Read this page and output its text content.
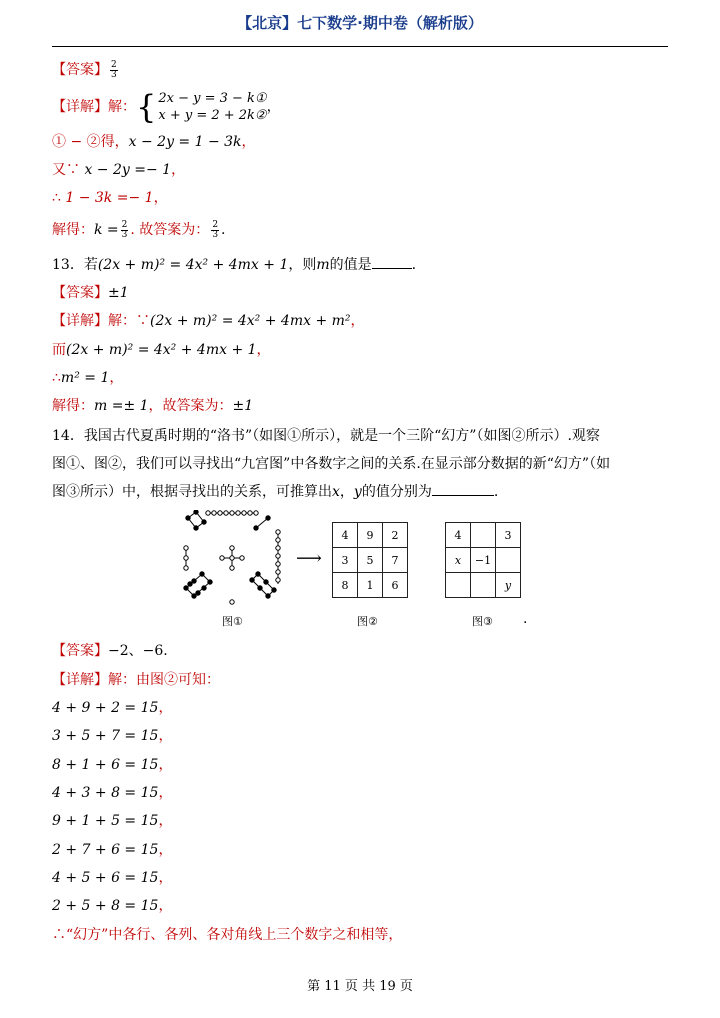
【北京】七下数学·期中卷（解析版）
【答案】 $\frac{2}{3}$
【详解】解：{ 2x − y = 3 − k①
x + y = 2 + 2k②
，
① − ②得，x − 2y = 1 − 3k，
又∵ x − 2y =− 1，
∴ 1 − 3k =− 1，
解得：$k = \frac{2}{3}$ . 故答案为： $\frac{2}{3}$ .
13．若(2x + m)² = 4x² + 4mx + 1，则m的值是	.
【答案】±1
【详解】解：∵(2x + m)² = 4x² + 4mx + m²，
而(2x + m)² = 4x² + 4mx + 1，
∴m² = 1，
解得：m =± 1，故答案为：±1
14．我国古代夏禹时期的“洛书”（如图①所示），就是一个三阶“幻方”（如图②所示）.观察
图①、图②，我们可以寻找出“九宫图”中各数字之间的关系.在显示部分数据的新“幻方”（如
图③所示）中，根据寻找出的关系，可推算出x，y的值分别为	.
⟶
4	9	2
3	5	7
8	1	6
4		3
x	−1	
		y
图①	图②	图③ .
【答案】−2、−6.
【详解】解：由图②可知：
4 + 9 + 2 = 15，
3 + 5 + 7 = 15，
8 + 1 + 6 = 15，
4 + 3 + 8 = 15，
9 + 1 + 5 = 15，
2 + 7 + 6 = 15，
4 + 5 + 6 = 15，
2 + 5 + 8 = 15，
∴“幻方”中各行、各列、各对角线上三个数字之和相等，
第 11 页 共 19 页
